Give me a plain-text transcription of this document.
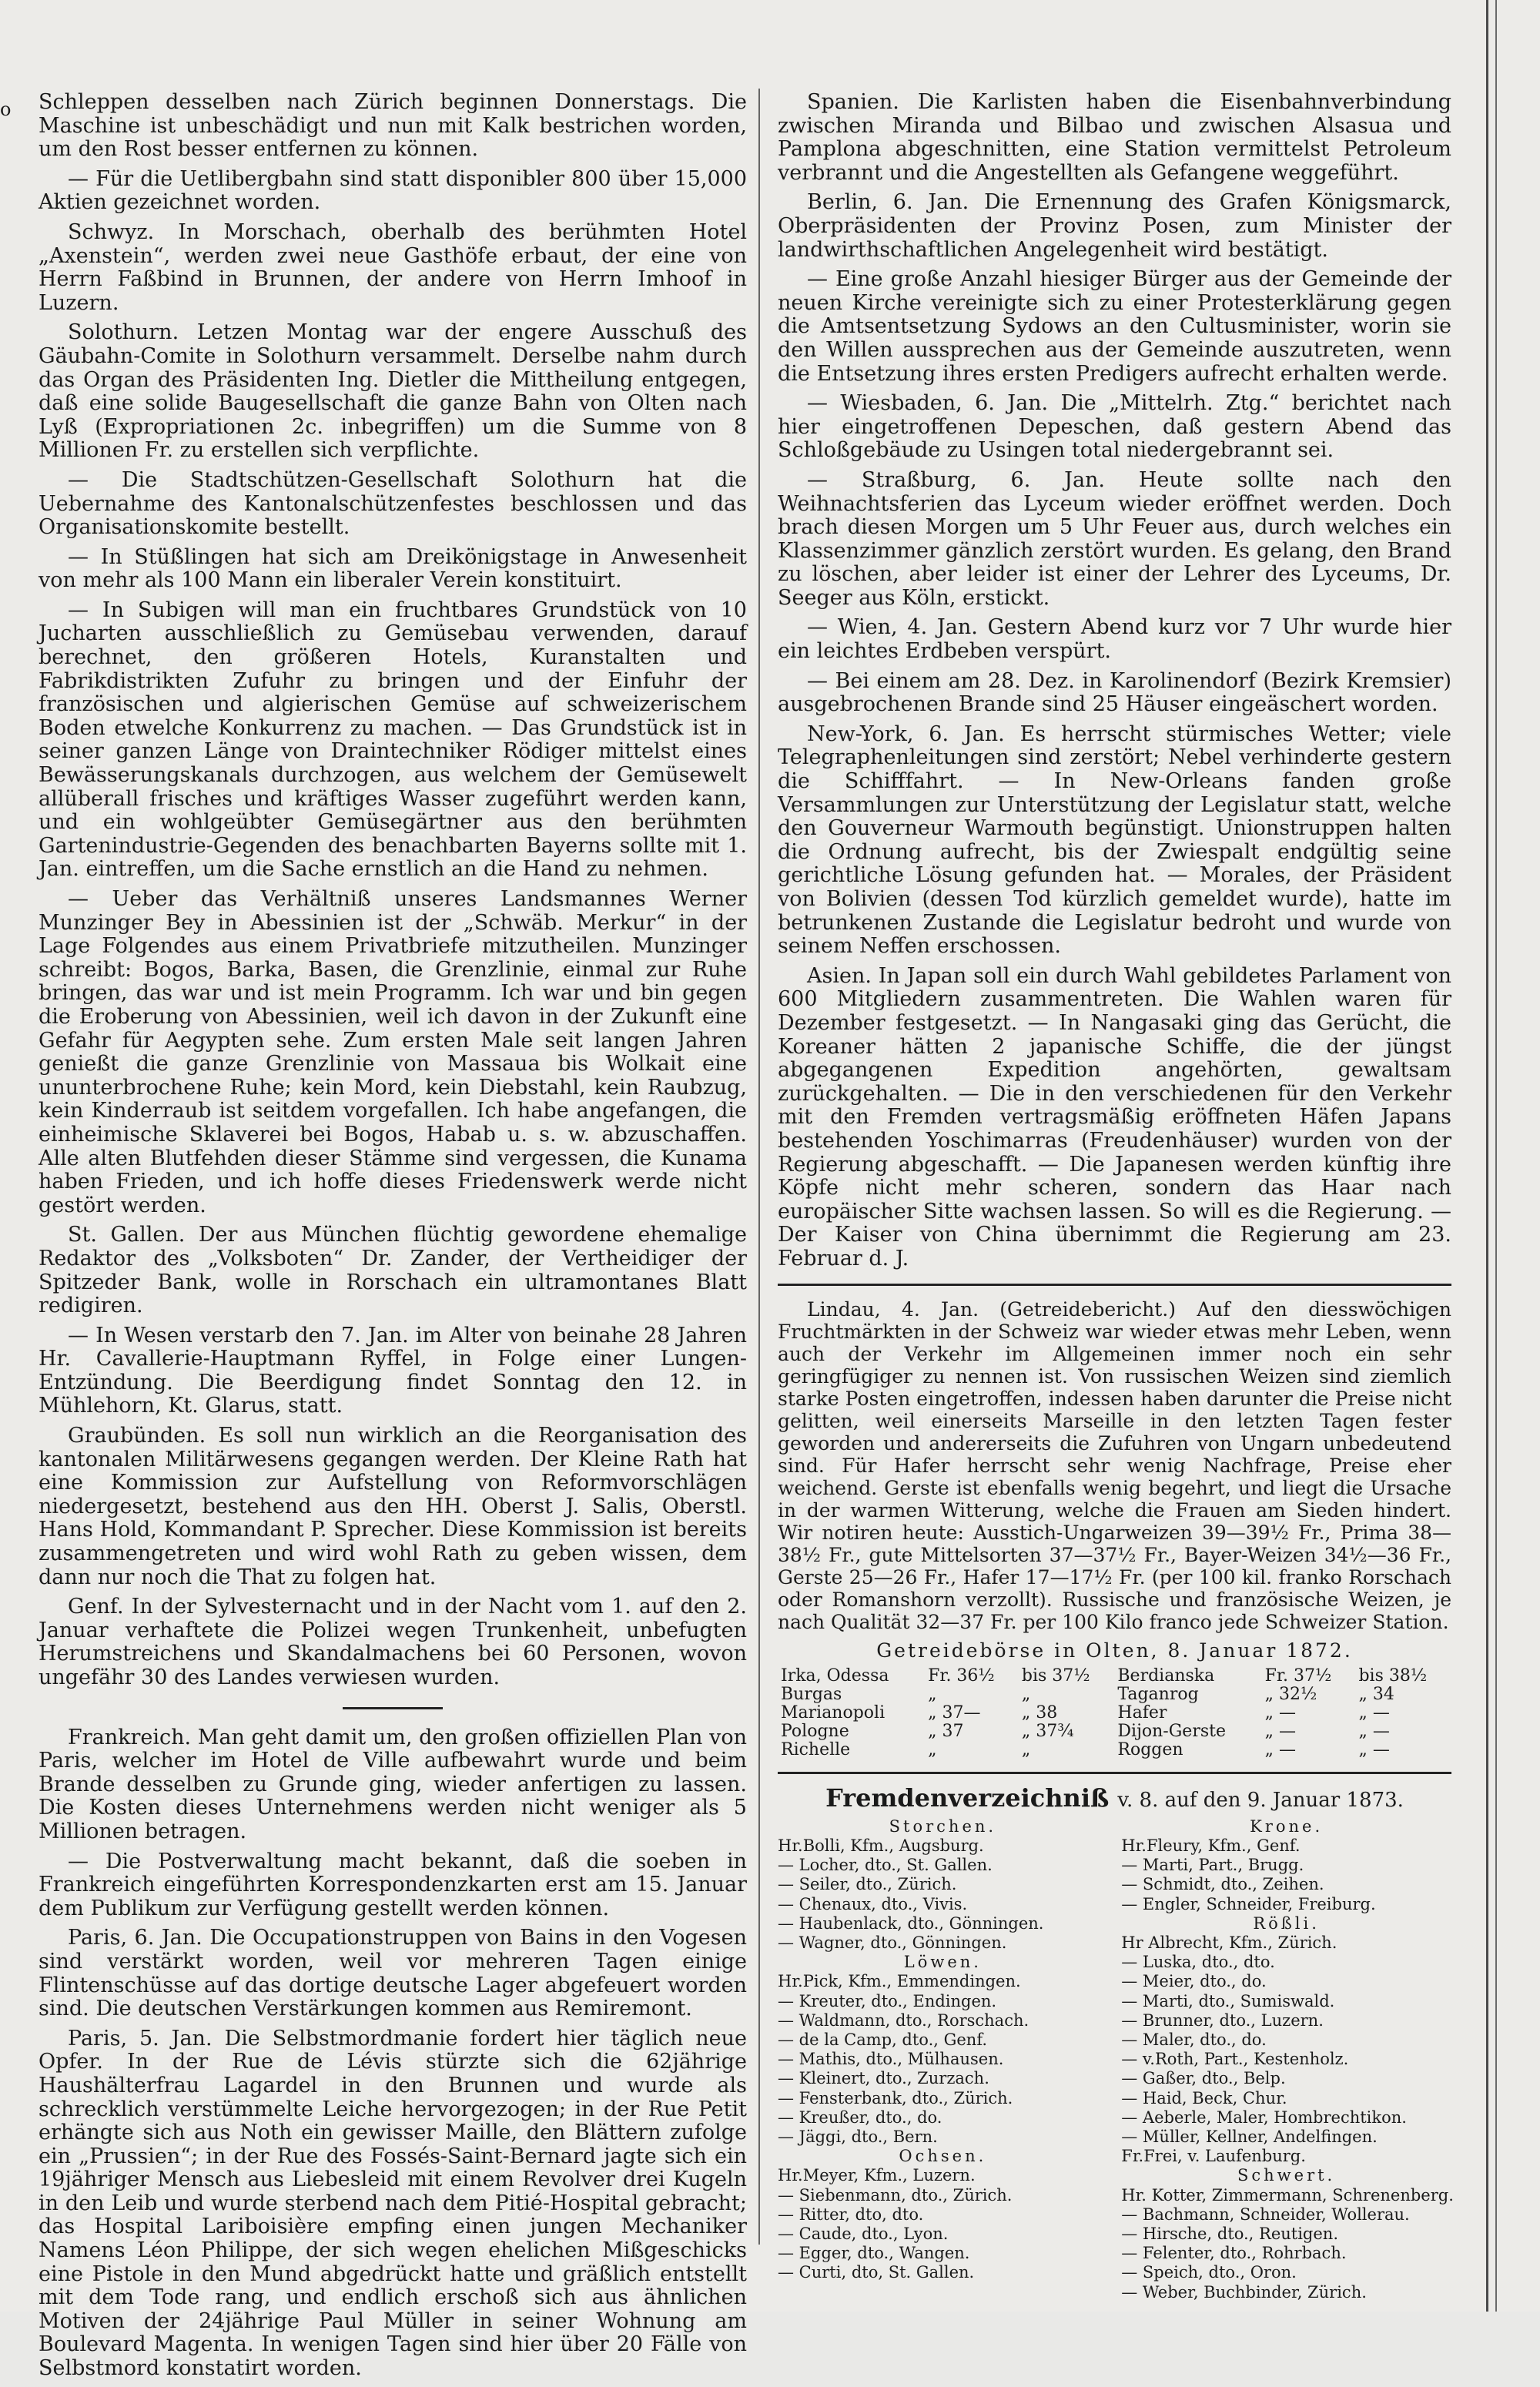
o Schleppen desselben nach Zürich beginnen Donnerstags. Die Maschine ist unbeschädigt und nun mit Kalk bestrichen worden, um den Rost besser entfernen zu können.

— Für die Uetlibergbahn sind statt disponibler 800 über 15,000 Aktien gezeichnet worden.

Schwyz. In Morschach, oberhalb des berühmten Hotel „Axenstein“, werden zwei neue Gasthöfe erbaut, der eine von Herrn Faßbind in Brunnen, der andere von Herrn Imhoof in Luzern.

Solothurn. Letzen Montag war der engere Ausschuß des Gäubahn-Comite in Solothurn versammelt. Derselbe nahm durch das Organ des Präsidenten Ing. Dietler die Mittheilung entgegen, daß eine solide Baugesellschaft die ganze Bahn von Olten nach Lyß (Expropriationen 2c. inbegriffen) um die Summe von 8 Millionen Fr. zu erstellen sich verpflichte.

— Die Stadtschützen-Gesellschaft Solothurn hat die Uebernahme des Kantonalschützenfestes beschlossen und das Organisationskomite bestellt.

— In Stüßlingen hat sich am Dreikönigstage in Anwesenheit von mehr als 100 Mann ein liberaler Verein konstituirt.

— In Subigen will man ein fruchtbares Grundstück von 10 Jucharten ausschließlich zu Gemüsebau verwenden, darauf berechnet, den größeren Hotels, Kuranstalten und Fabrikdistrikten Zufuhr zu bringen und der Einfuhr der französischen und algierischen Gemüse auf schweizerischem Boden etwelche Konkurrenz zu machen. — Das Grundstück ist in seiner ganzen Länge von Draintechniker Rödiger mittelst eines Bewässerungskanals durchzogen, aus welchem der Gemüsewelt allüberall frisches und kräftiges Wasser zugeführt werden kann, und ein wohlgeübter Gemüsegärtner aus den berühmten Gartenindustrie-Gegenden des benachbarten Bayerns sollte mit 1. Jan. eintreffen, um die Sache ernstlich an die Hand zu nehmen.

— Ueber das Verhältniß unseres Landsmannes Werner Munzinger Bey in Abessinien ist der „Schwäb. Merkur“ in der Lage Folgendes aus einem Privatbriefe mitzutheilen. Munzinger schreibt: Bogos, Barka, Basen, die Grenzlinie, einmal zur Ruhe bringen, das war und ist mein Programm. Ich war und bin gegen die Eroberung von Abessinien, weil ich davon in der Zukunft eine Gefahr für Aegypten sehe. Zum ersten Male seit langen Jahren genießt die ganze Grenzlinie von Massaua bis Wolkait eine ununterbrochene Ruhe; kein Mord, kein Diebstahl, kein Raubzug, kein Kinderraub ist seitdem vorgefallen. Ich habe angefangen, die einheimische Sklaverei bei Bogos, Habab u. s. w. abzuschaffen. Alle alten Blutfehden dieser Stämme sind vergessen, die Kunama haben Frieden, und ich hoffe dieses Friedenswerk werde nicht gestört werden.

St. Gallen. Der aus München flüchtig gewordene ehemalige Redaktor des „Volksboten“ Dr. Zander, der Vertheidiger der Spitzeder Bank, wolle in Rorschach ein ultramontanes Blatt redigiren.

— In Wesen verstarb den 7. Jan. im Alter von beinahe 28 Jahren Hr. Cavallerie-Hauptmann Ryffel, in Folge einer Lungen-Entzündung. Die Beerdigung findet Sonntag den 12. in Mühlehorn, Kt. Glarus, statt.

Graubünden. Es soll nun wirklich an die Reorganisation des kantonalen Militärwesens gegangen werden. Der Kleine Rath hat eine Kommission zur Aufstellung von Reformvorschlägen niedergesetzt, bestehend aus den HH. Oberst J. Salis, Oberstl. Hans Hold, Kommandant P. Sprecher. Diese Kommission ist bereits zusammengetreten und wird wohl Rath zu geben wissen, dem dann nur noch die That zu folgen hat.

Genf. In der Sylvesternacht und in der Nacht vom 1. auf den 2. Januar verhaftete die Polizei wegen Trunkenheit, unbefugten Herumstreichens und Skandalmachens bei 60 Personen, wovon ungefähr 30 des Landes verwiesen wurden.

Frankreich. Man geht damit um, den großen offiziellen Plan von Paris, welcher im Hotel de Ville aufbewahrt wurde und beim Brande desselben zu Grunde ging, wieder anfertigen zu lassen. Die Kosten dieses Unternehmens werden nicht weniger als 5 Millionen betragen.

— Die Postverwaltung macht bekannt, daß die soeben in Frankreich eingeführten Korrespondenzkarten erst am 15. Januar dem Publikum zur Verfügung gestellt werden können.

Paris, 6. Jan. Die Occupationstruppen von Bains in den Vogesen sind verstärkt worden, weil vor mehreren Tagen einige Flintenschüsse auf das dortige deutsche Lager abgefeuert worden sind. Die deutschen Verstärkungen kommen aus Remiremont.

Paris, 5. Jan. Die Selbstmordmanie fordert hier täglich neue Opfer. In der Rue de Lévis stürzte sich die 62jährige Haushälterfrau Lagardel in den Brunnen und wurde als schrecklich verstümmelte Leiche hervorgezogen; in der Rue Petit erhängte sich aus Noth ein gewisser Maille, den Blättern zufolge ein „Prussien“; in der Rue des Fossés-Saint-Bernard jagte sich ein 19jähriger Mensch aus Liebesleid mit einem Revolver drei Kugeln in den Leib und wurde sterbend nach dem Pitié-Hospital gebracht; das Hospital Lariboisière empfing einen jungen Mechaniker Namens Léon Philippe, der sich wegen ehelichen Mißgeschicks eine Pistole in den Mund abgedrückt hatte und gräßlich entstellt mit dem Tode rang, und endlich erschoß sich aus ähnlichen Motiven der 24jährige Paul Müller in seiner Wohnung am Boulevard Magenta. In wenigen Tagen sind hier über 20 Fälle von Selbstmord konstatirt worden.

Spanien. Die Karlisten haben die Eisenbahnverbindung zwischen Miranda und Bilbao und zwischen Alsasua und Pamplona abgeschnitten, eine Station vermittelst Petroleum verbrannt und die Angestellten als Gefangene weggeführt.

Berlin, 6. Jan. Die Ernennung des Grafen Königsmarck, Oberpräsidenten der Provinz Posen, zum Minister der landwirthschaftlichen Angelegenheit wird bestätigt.

— Eine große Anzahl hiesiger Bürger aus der Gemeinde der neuen Kirche vereinigte sich zu einer Protesterklärung gegen die Amtsentsetzung Sydows an den Cultusminister, worin sie den Willen aussprechen aus der Gemeinde auszutreten, wenn die Entsetzung ihres ersten Predigers aufrecht erhalten werde.

— Wiesbaden, 6. Jan. Die „Mittelrh. Ztg.“ berichtet nach hier eingetroffenen Depeschen, daß gestern Abend das Schloßgebäude zu Usingen total niedergebrannt sei.

— Straßburg, 6. Jan. Heute sollte nach den Weihnachtsferien das Lyceum wieder eröffnet werden. Doch brach diesen Morgen um 5 Uhr Feuer aus, durch welches ein Klassenzimmer gänzlich zerstört wurden. Es gelang, den Brand zu löschen, aber leider ist einer der Lehrer des Lyceums, Dr. Seeger aus Köln, erstickt.

— Wien, 4. Jan. Gestern Abend kurz vor 7 Uhr wurde hier ein leichtes Erdbeben verspürt.

— Bei einem am 28. Dez. in Karolinendorf (Bezirk Kremsier) ausgebrochenen Brande sind 25 Häuser eingeäschert worden.

New-York, 6. Jan. Es herrscht stürmisches Wetter; viele Telegraphenleitungen sind zerstört; Nebel verhinderte gestern die Schifffahrt. — In New-Orleans fanden große Versammlungen zur Unterstützung der Legislatur statt, welche den Gouverneur Warmouth begünstigt. Unionstruppen halten die Ordnung aufrecht, bis der Zwiespalt endgültig seine gerichtliche Lösung gefunden hat. — Morales, der Präsident von Bolivien (dessen Tod kürzlich gemeldet wurde), hatte im betrunkenen Zustande die Legislatur bedroht und wurde von seinem Neffen erschossen.

Asien. In Japan soll ein durch Wahl gebildetes Parlament von 600 Mitgliedern zusammentreten. Die Wahlen waren für Dezember festgesetzt. — In Nangasaki ging das Gerücht, die Koreaner hätten 2 japanische Schiffe, die der jüngst abgegangenen Expedition angehörten, gewaltsam zurückgehalten. — Die in den verschiedenen für den Verkehr mit den Fremden vertragsmäßig eröffneten Häfen Japans bestehenden Yoschimarras (Freudenhäuser) wurden von der Regierung abgeschafft. — Die Japanesen werden künftig ihre Köpfe nicht mehr scheren, sondern das Haar nach europäischer Sitte wachsen lassen. So will es die Regierung. — Der Kaiser von China übernimmt die Regierung am 23. Februar d. J.

Lindau, 4. Jan. (Getreidebericht.) Auf den diesswöchigen Fruchtmärkten in der Schweiz war wieder etwas mehr Leben, wenn auch der Verkehr im Allgemeinen immer noch ein sehr geringfügiger zu nennen ist. Von russischen Weizen sind ziemlich starke Posten eingetroffen, indessen haben darunter die Preise nicht gelitten, weil einerseits Marseille in den letzten Tagen fester geworden und andererseits die Zufuhren von Ungarn unbedeutend sind. Für Hafer herrscht sehr wenig Nachfrage, Preise eher weichend. Gerste ist ebenfalls wenig begehrt, und liegt die Ursache in der warmen Witterung, welche die Frauen am Sieden hindert. Wir notiren heute: Ausstich-Ungarweizen 39—39½ Fr., Prima 38—38½ Fr., gute Mittelsorten 37—37½ Fr., Bayer-Weizen 34½—36 Fr., Gerste 25—26 Fr., Hafer 17—17½ Fr. (per 100 kil. franko Rorschach oder Romanshorn verzollt). Russische und französische Weizen, je nach Qualität 32—37 Fr. per 100 Kilo franco jede Schweizer Station.

Getreidebörse in Olten, 8. Januar 1872.
Irka, Odessa	Fr. 36½	bis 37½	Berdianska	Fr. 37½	bis 38½
Burgas	„	„	Taganrog	„ 32½	„ 34
Marianopoli	„ 37—	„ 38	Hafer	„ —	„ —
Pologne	„ 37	„ 37¾	Dijon-Gerste	„ —	„ —
Richelle	„	„	Roggen	„ —	„ —
Fremdenverzeichniß v. 8. auf den 9. Januar 1873.
Storchen.
Hr.Bolli, Kfm., Augsburg.
— Locher, dto., St. Gallen.
— Seiler, dto., Zürich.
— Chenaux, dto., Vivis.
— Haubenlack, dto., Gönningen.
— Wagner, dto., Gönningen.
Löwen.
Hr.Pick, Kfm., Emmendingen.
— Kreuter, dto., Endingen.
— Waldmann, dto., Rorschach.
— de la Camp, dto., Genf.
— Mathis, dto., Mülhausen.
— Kleinert, dto., Zurzach.
— Fensterbank, dto., Zürich.
— Kreußer, dto., do.
— Jäggi, dto., Bern.
Ochsen.
Hr.Meyer, Kfm., Luzern.
— Siebenmann, dto., Zürich.
— Ritter, dto, dto.
— Caude, dto., Lyon.
— Egger, dto., Wangen.
— Curti, dto, St. Gallen.
Krone.
Hr.Fleury, Kfm., Genf.
— Marti, Part., Brugg.
— Schmidt, dto., Zeihen.
— Engler, Schneider, Freiburg.
Rößli.
Hr Albrecht, Kfm., Zürich.
— Luska, dto., dto.
— Meier, dto., do.
— Marti, dto., Sumiswald.
— Brunner, dto., Luzern.
— Maler, dto., do.
— v.Roth, Part., Kestenholz.
— Gaßer, dto., Belp.
— Haid, Beck, Chur.
— Aeberle, Maler, Hombrechtikon.
— Müller, Kellner, Andelfingen.
Fr.Frei, v. Laufenburg.
Schwert.
Hr. Kotter, Zimmermann, Schrenenberg.
— Bachmann, Schneider, Wollerau.
— Hirsche, dto., Reutigen.
— Felenter, dto., Rohrbach.
— Speich, dto., Oron.
— Weber, Buchbinder, Zürich.
